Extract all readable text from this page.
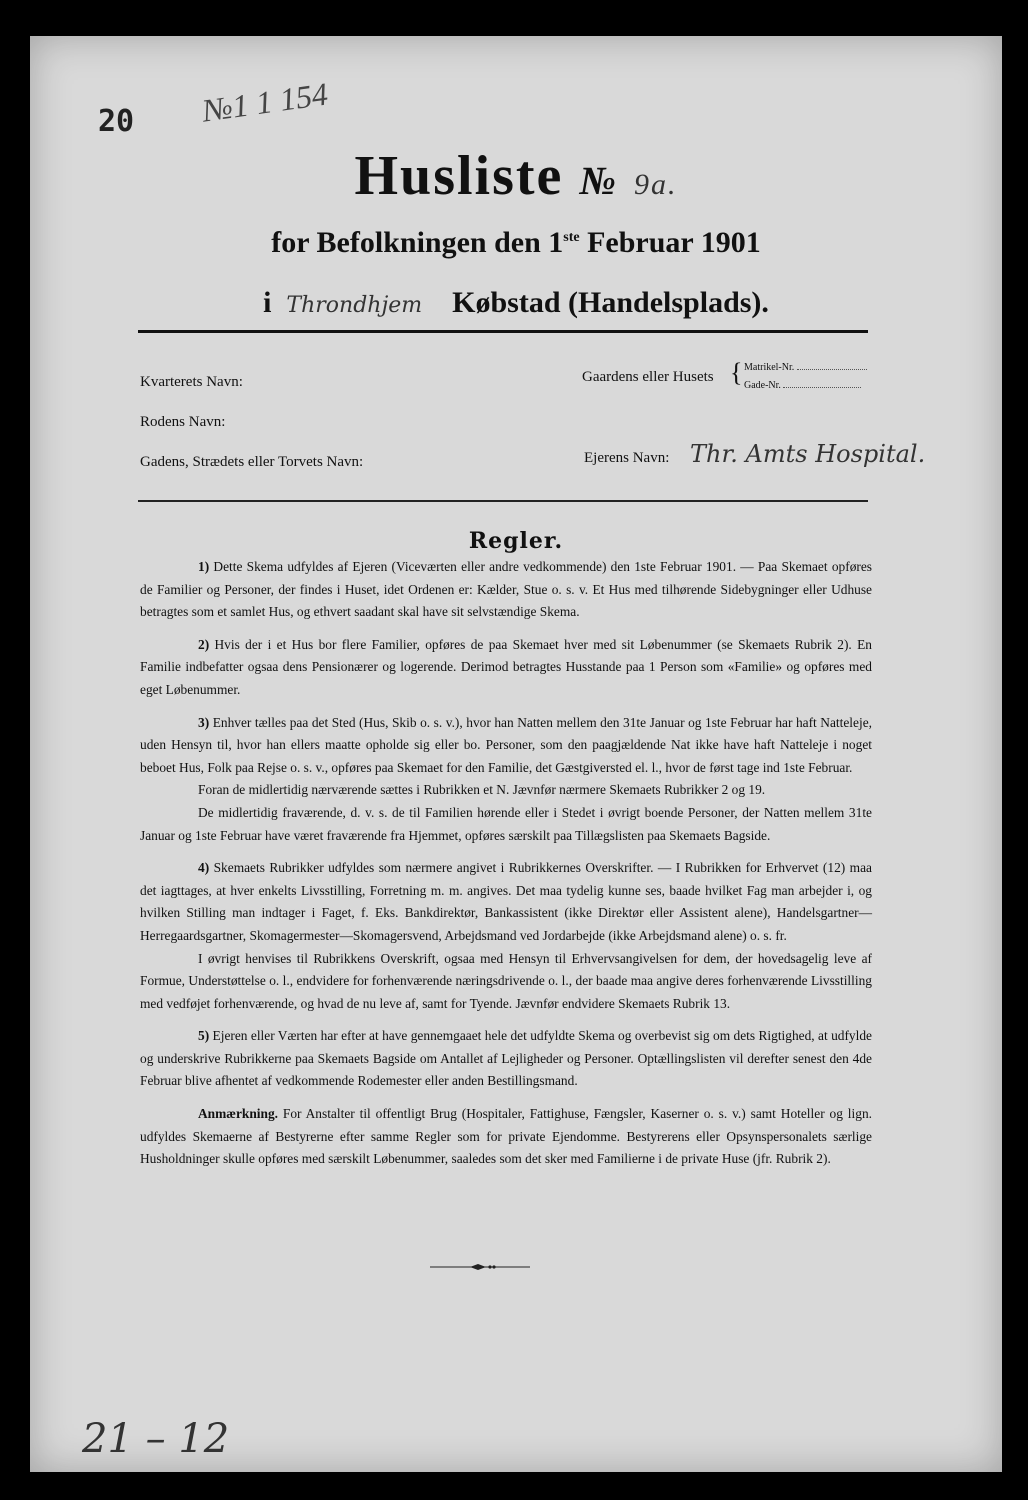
20 №1 1 154
Husliste № 9a.
for Befolkningen den 1ste Februar 1901
i Throndhjem Købstad (Handelsplads).
Kvarterets Navn:
Rodens Navn:
Gadens, Strædets eller Torvets Navn:
Gaardens eller Husets { Matrikel-Nr.
Gade-Nr.
Ejerens Navn: Thr. Amts Hospital.
Regler.

1) Dette Skema udfyldes af Ejeren (Viceværten eller andre vedkommende) den 1ste Februar 1901. — Paa Skemaet opføres de Familier og Personer, der findes i Huset, idet Ordenen er: Kælder, Stue o. s. v. Et Hus med tilhørende Sidebygninger eller Udhuse betragtes som et samlet Hus, og ethvert saadant skal have sit selvstændige Skema.

2) Hvis der i et Hus bor flere Familier, opføres de paa Skemaet hver med sit Løbenummer (se Skemaets Rubrik 2). En Familie indbefatter ogsaa dens Pensionærer og logerende. Derimod betragtes Husstande paa 1 Person som «Familie» og opføres med eget Løbenummer.

3) Enhver tælles paa det Sted (Hus, Skib o. s. v.), hvor han Natten mellem den 31te Januar og 1ste Februar har haft Natteleje, uden Hensyn til, hvor han ellers maatte opholde sig eller bo. Personer, som den paagjældende Nat ikke have haft Natteleje i noget beboet Hus, Folk paa Rejse o. s. v., opføres paa Skemaet for den Familie, det Gæstgiversted el. l., hvor de først tage ind 1ste Februar.

Foran de midlertidig nærværende sættes i Rubrikken et N. Jævnfør nærmere Skemaets Rubrikker 2 og 19.

De midlertidig fraværende, d. v. s. de til Familien hørende eller i Stedet i øvrigt boende Personer, der Natten mellem 31te Januar og 1ste Februar have været fraværende fra Hjemmet, opføres særskilt paa Tillægslisten paa Skemaets Bagside.

4) Skemaets Rubrikker udfyldes som nærmere angivet i Rubrikkernes Overskrifter. — I Rubrikken for Erhvervet (12) maa det iagttages, at hver enkelts Livsstilling, Forretning m. m. angives. Det maa tydelig kunne ses, baade hvilket Fag man arbejder i, og hvilken Stilling man indtager i Faget, f. Eks. Bankdirektør, Bankassistent (ikke Direktør eller Assistent alene), Handelsgartner—Herregaardsgartner, Skomagermester—Skomagersvend, Arbejdsmand ved Jordarbejde (ikke Arbejdsmand alene) o. s. fr.

I øvrigt henvises til Rubrikkens Overskrift, ogsaa med Hensyn til Erhvervsangivelsen for dem, der hovedsagelig leve af Formue, Understøttelse o. l., endvidere for forhenværende næringsdrivende o. l., der baade maa angive deres forhenværende Livsstilling med vedføjet forhenværende, og hvad de nu leve af, samt for Tyende. Jævnfør endvidere Skemaets Rubrik 13.

5) Ejeren eller Værten har efter at have gennemgaaet hele det udfyldte Skema og overbevist sig om dets Rigtighed, at udfylde og underskrive Rubrikkerne paa Skemaets Bagside om Antallet af Lejligheder og Personer. Optællingslisten vil derefter senest den 4de Februar blive afhentet af vedkommende Rodemester eller anden Bestillingsmand.

Anmærkning. For Anstalter til offentligt Brug (Hospitaler, Fattighuse, Fængsler, Kaserner o. s. v.) samt Hoteller og lign. udfyldes Skemaerne af Bestyrerne efter samme Regler som for private Ejendomme. Bestyrerens eller Opsynspersonalets særlige Husholdninger skulle opføres med særskilt Løbenummer, saaledes som det sker med Familierne i de private Huse (jfr. Rubrik 2).

21 – 12
